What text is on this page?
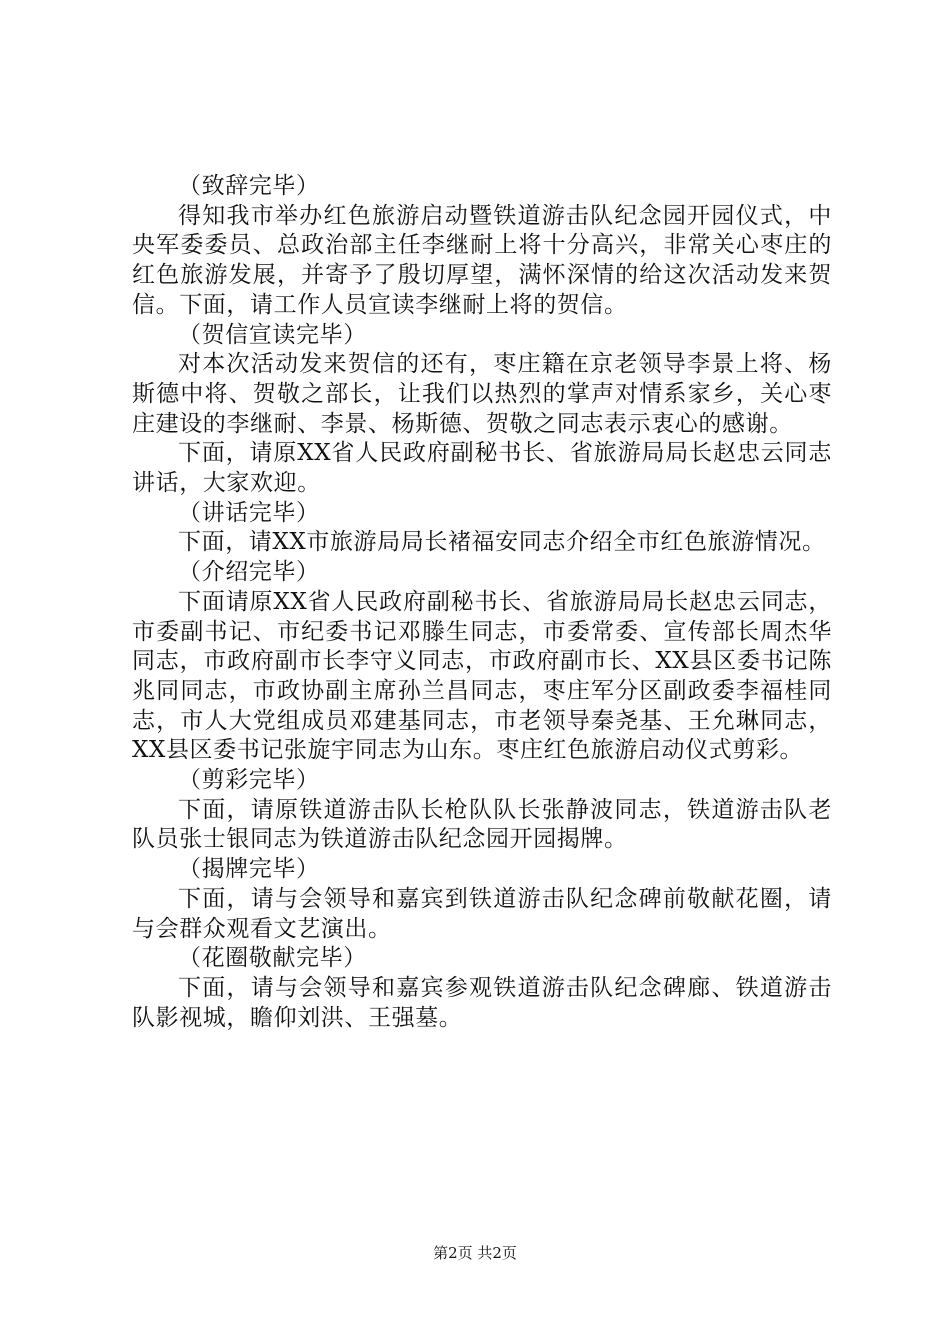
（致辞完毕）

得知我市举办红色旅游启动暨铁道游击队纪念园开园仪式，中央军委委员、总政治部主任李继耐上将十分高兴，非常关心枣庄的红色旅游发展，并寄予了殷切厚望，满怀深情的给这次活动发来贺信。下面，请工作人员宣读李继耐上将的贺信。

（贺信宣读完毕）

对本次活动发来贺信的还有，枣庄籍在京老领导李景上将、杨斯德中将、贺敬之部长，让我们以热烈的掌声对情系家乡，关心枣庄建设的李继耐、李景、杨斯德、贺敬之同志表示衷心的感谢。

下面，请原XX省人民政府副秘书长、省旅游局局长赵忠云同志讲话，大家欢迎。

（讲话完毕）

下面，请XX市旅游局局长褚福安同志介绍全市红色旅游情况。

（介绍完毕）

下面请原XX省人民政府副秘书长、省旅游局局长赵忠云同志，市委副书记、市纪委书记邓滕生同志，市委常委、宣传部长周杰华同志，市政府副市长李守义同志，市政府副市长、XX县区委书记陈兆同同志，市政协副主席孙兰昌同志，枣庄军分区副政委李福桂同志，市人大党组成员邓建基同志，市老领导秦尧基、王允琳同志，XX县区委书记张旋宇同志为山东。枣庄红色旅游启动仪式剪彩。

（剪彩完毕）

下面，请原铁道游击队长枪队队长张静波同志，铁道游击队老队员张士银同志为铁道游击队纪念园开园揭牌。

（揭牌完毕）

下面，请与会领导和嘉宾到铁道游击队纪念碑前敬献花圈，请与会群众观看文艺演出。

（花圈敬献完毕）

下面，请与会领导和嘉宾参观铁道游击队纪念碑廊、铁道游击队影视城，瞻仰刘洪、王强墓。

第2页 共2页
